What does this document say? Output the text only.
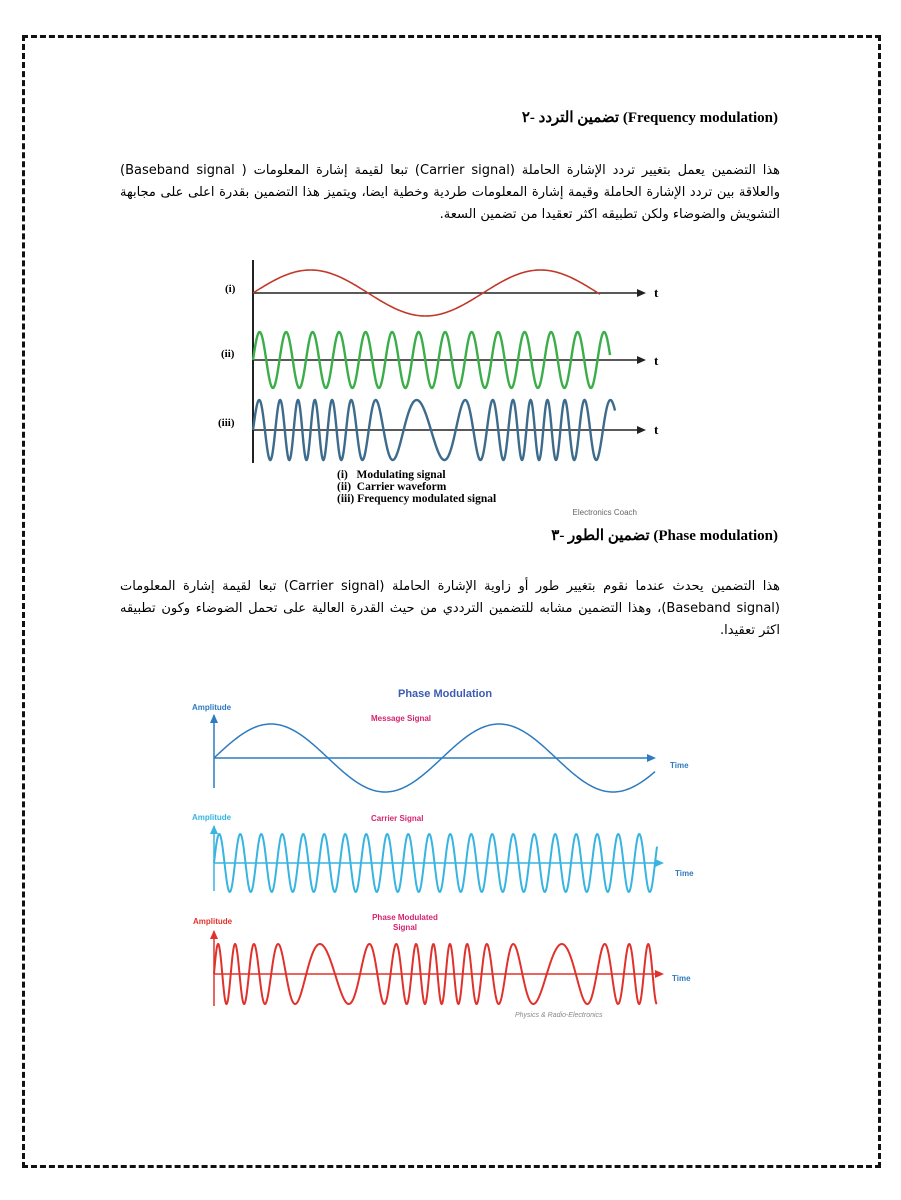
(Frequency modulation) تضمين التردد -٢
هذا التضمين يعمل بتغيير تردد الإشارة الحاملة (Carrier signal) تبعا لقيمة إشارة المعلومات ( Baseband signal) والعلاقة بين تردد الإشارة الحاملة وقيمة إشارة المعلومات طردية وخطية ايضا، ويتميز هذا التضمين بقدرة اعلى على مجابهة التشويش والضوضاء ولكن تطبيقه اكثر تعقيدا من تضمين السعة.
(i)
(ii)
(iii)
t
t
t
(i)   Modulating signal
(ii)  Carrier waveform
(iii) Frequency modulated signal
Electronics Coach
(Phase modulation) تضمين الطور -٣
هذا التضمين يحدث عندما نقوم بتغيير طور أو زاوية الإشارة الحاملة (Carrier signal) تبعا لقيمة إشارة المعلومات (Baseband signal)، وهذا التضمين مشابه للتضمين الترددي من حيث القدرة العالية على تحمل الضوضاء وكون تطبيقه اكثر تعقيدا.
Phase Modulation
Amplitude
Message Signal
Time
Amplitude	Carrier Signal
Time
Amplitude	Phase Modulated Signal
Time
Physics & Radio-Electronics
